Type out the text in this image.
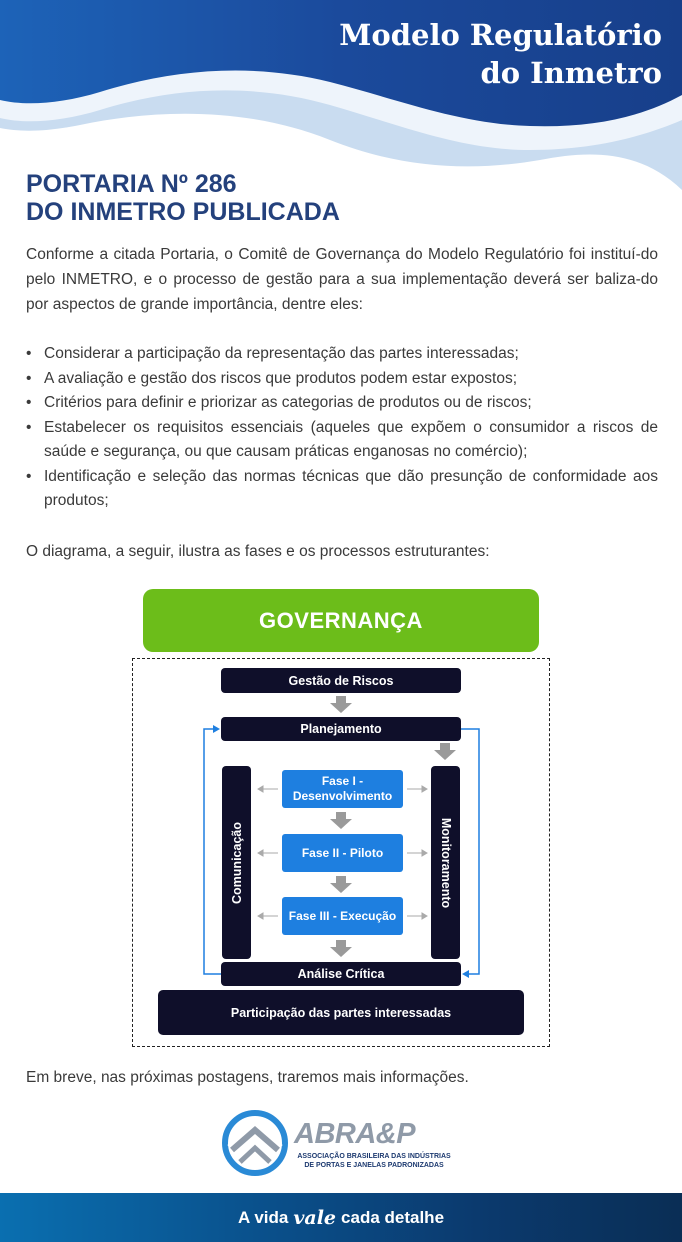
Modelo Regulatório
do Inmetro
PORTARIA Nº 286
DO INMETRO PUBLICADA

Conforme a citada Portaria, o Comitê de Governança do Modelo Regulatório foi instituí-do pelo INMETRO, e o processo de gestão para a sua implementação deverá ser baliza-do por aspectos de grande importância, dentre eles:

• Considerar a participação da representação das partes interessadas;
• A avaliação e gestão dos riscos que produtos podem estar expostos;
• Critérios para definir e priorizar as categorias de produtos ou de riscos;
• Estabelecer os requisitos essenciais (aqueles que expõem o consumidor a riscos de saúde e segurança, ou que causam práticas enganosas no comércio);
• Identificação e seleção das normas técnicas que dão presunção de conformidade aos produtos;

O diagrama, a seguir, ilustra as fases e os processos estruturantes:

GOVERNANÇA
Gestão de Riscos
Planejamento
Comunicação	Monitoramento
Fase I -
Desenvolvimento
Fase II - Piloto
Fase III - Execução
Análise Crítica
Participação das partes interessadas

Em breve, nas próximas postagens, traremos mais informações.

ABRA&P
ASSOCIAÇÃO BRASILEIRA DAS INDÚSTRIAS
DE PORTAS E JANELAS PADRONIZADAS
A vida vale cada detalhe
